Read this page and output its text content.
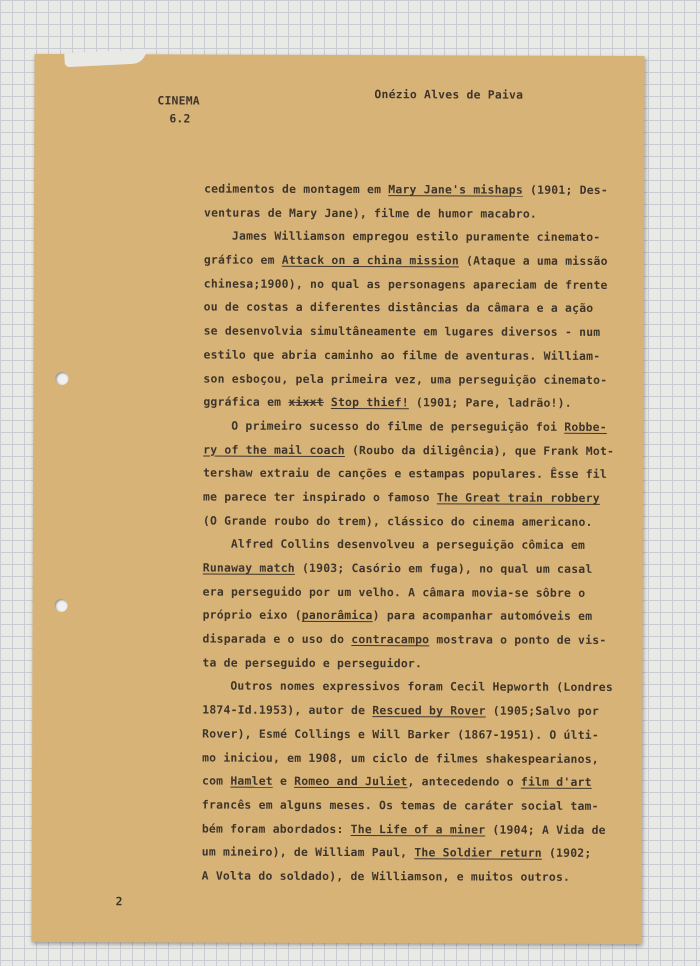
CINEMA
6.2
Onézio Alves de Paiva
cedimentos de montagem em Mary Jane's mishaps (1901; Des-
venturas de Mary Jane), filme de humor macabro.
James Williamson empregou estilo puramente cinemato-
gráfico em Attack on a china mission (Ataque a uma missão
chinesa;1900), no qual as personagens apareciam de frente
ou de costas a diferentes distâncias da câmara e a ação
se desenvolvia simultâneamente em lugares diversos - num
estilo que abria caminho ao filme de aventuras. William-
son esboçou, pela primeira vez, uma perseguição cinemato-
ggráfica em xixxt Stop thief! (1901; Pare, ladrão!).
O primeiro sucesso do filme de perseguição foi Robbe-
ry of the mail coach (Roubo da diligência), que Frank Mot-
tershaw extraiu de canções e estampas populares. Êsse fil
me parece ter inspirado o famoso The Great train robbery
(O Grande roubo do trem), clássico do cinema americano.
Alfred Collins desenvolveu a perseguição cômica em
Runaway match (1903; Casório em fuga), no qual um casal
era perseguido por um velho. A câmara movia-se sôbre o
próprio eixo (panorâmica) para acompanhar automóveis em
disparada e o uso do contracampo mostrava o ponto de vis-
ta de perseguido e perseguidor.
Outros nomes expressivos foram Cecil Hepworth (Londres
1874-Id.1953), autor de Rescued by Rover (1905;Salvo por
Rover), Esmé Collings e Will Barker (1867-1951). O últi-
mo iniciou, em 1908, um ciclo de filmes shakespearianos,
com Hamlet e Romeo and Juliet, antecedendo o film d'art
francês em alguns meses. Os temas de caráter social tam-
bém foram abordados: The Life of a miner (1904; A Vida de
um mineiro), de William Paul, The Soldier return (1902;
A Volta do soldado), de Williamson, e muitos outros.
2
